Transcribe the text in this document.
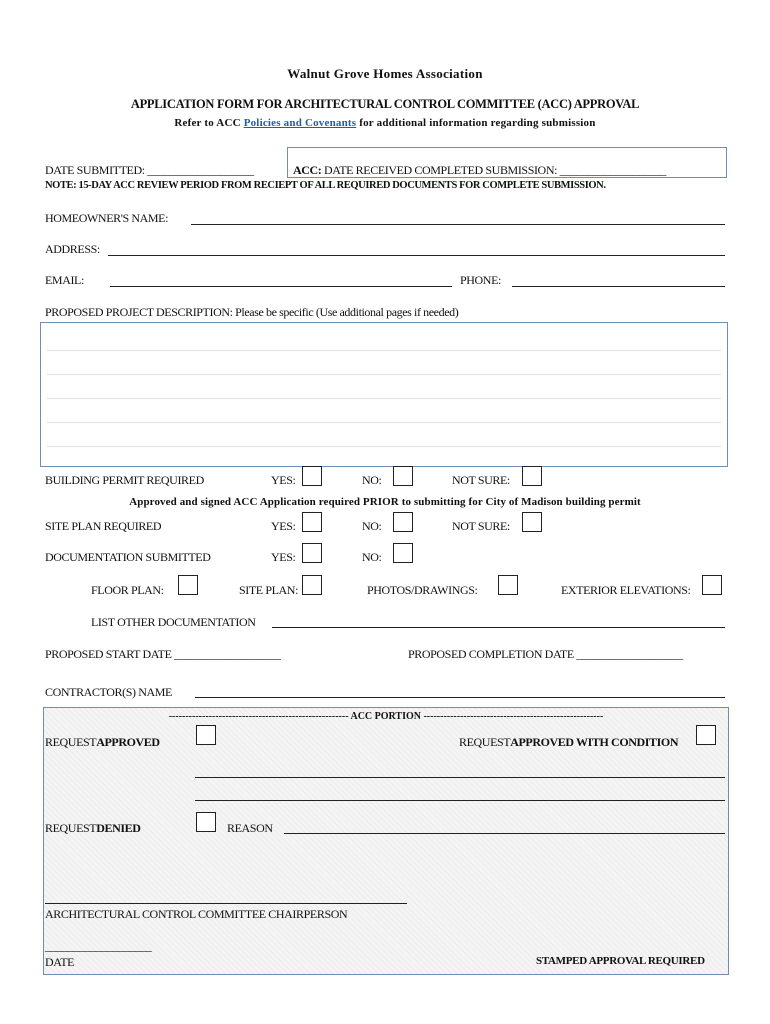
Walnut Grove Homes Association
APPLICATION FORM FOR ARCHITECTURAL CONTROL COMMITTEE (ACC) APPROVAL
Refer to ACC Policies and Covenants for additional information regarding submission
DATE SUBMITTED: ___________________	ACC: DATE RECEIVED COMPLETED SUBMISSION: ___________________
NOTE: 15-DAY ACC REVIEW PERIOD FROM RECIEPT OF ALL REQUIRED DOCUMENTS FOR COMPLETE SUBMISSION.
HOMEOWNER'S NAME:
ADDRESS:
EMAIL:	PHONE:
PROPOSED PROJECT DESCRIPTION: Please be specific (Use additional pages if needed)
BUILDING PERMIT REQUIRED	YES:	NO:	NOT SURE:
Approved and signed ACC Application required PRIOR to submitting for City of Madison building permit
SITE PLAN REQUIRED	YES:	NO:	NOT SURE:
DOCUMENTATION SUBMITTED	YES:	NO:
FLOOR PLAN:	SITE PLAN:	PHOTOS/DRAWINGS:	EXTERIOR ELEVATIONS:
LIST OTHER DOCUMENTATION
PROPOSED START DATE ___________________	PROPOSED COMPLETION DATE ___________________
CONTRACTOR(S) NAME
------------------------------------------------------ ACC PORTION ------------------------------------------------------
REQUESTAPPROVED	REQUESTAPPROVED WITH CONDITION
REQUESTDENIED	REASON
ARCHITECTURAL CONTROL COMMITTEE CHAIRPERSON
___________________
DATE	STAMPED APPROVAL REQUIRED
